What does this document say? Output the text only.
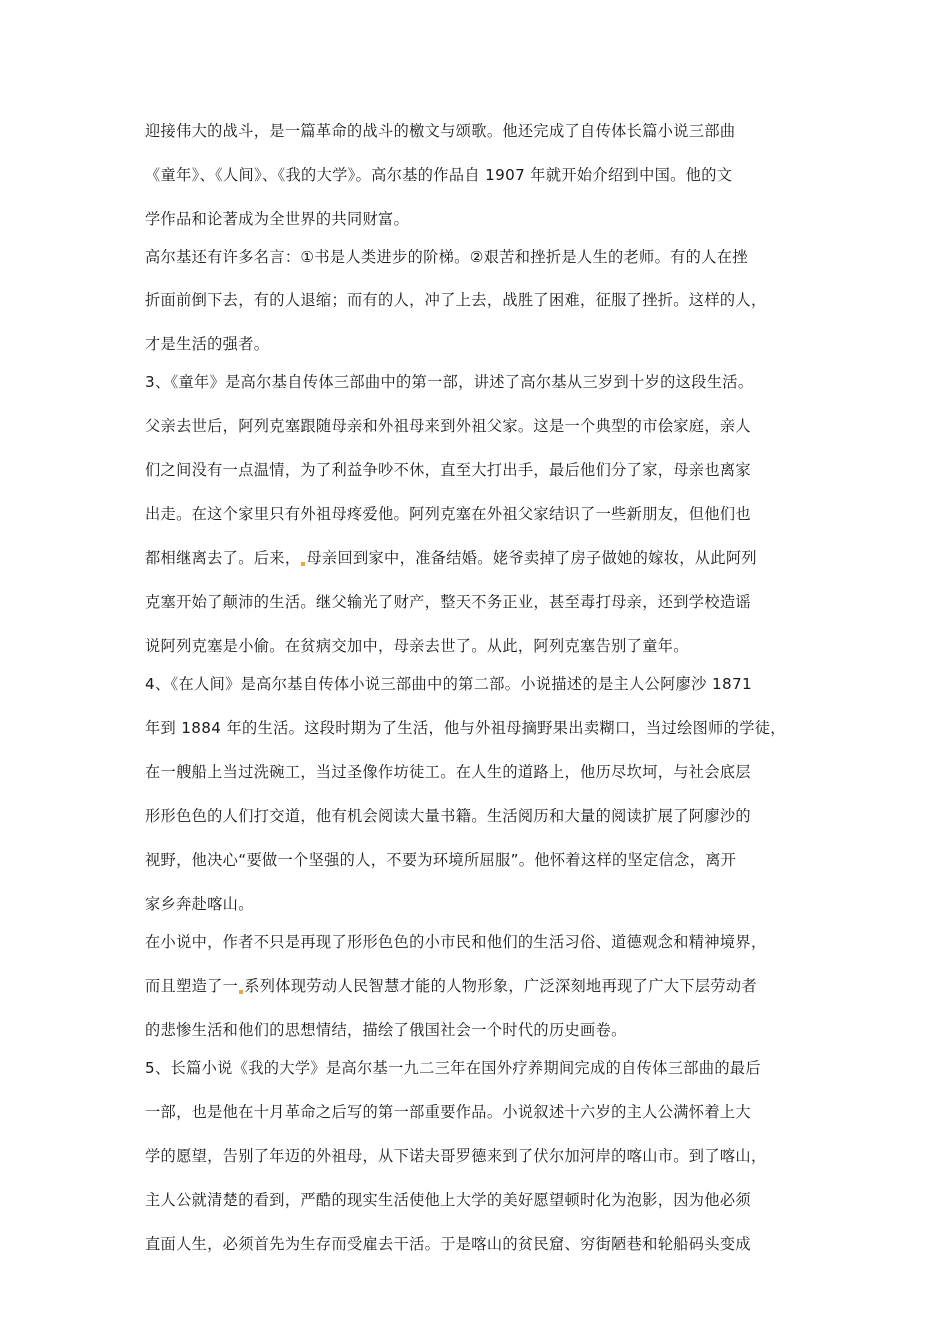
迎接伟大的战斗，是一篇革命的战斗的檄文与颂歌。他还完成了自传体长篇小说三部曲
《童年》、《人间》、《我的大学》。高尔基的作品自 1907 年就开始介绍到中国。他的文
学作品和论著成为全世界的共同财富。
高尔基还有许多名言：①书是人类进步的阶梯。②艰苦和挫折是人生的老师。有的人在挫
折面前倒下去，有的人退缩；而有的人，冲了上去，战胜了困难，征服了挫折。这样的人，
才是生活的强者。
3、《童年》是高尔基自传体三部曲中的第一部，讲述了高尔基从三岁到十岁的这段生活。
父亲去世后，阿列克塞跟随母亲和外祖母来到外祖父家。这是一个典型的市侩家庭，亲人
们之间没有一点温情，为了利益争吵不休，直至大打出手，最后他们分了家，母亲也离家
出走。在这个家里只有外祖母疼爱他。阿列克塞在外祖父家结识了一些新朋友，但他们也
都相继离去了。后来， 母亲回到家中，准备结婚。姥爷卖掉了房子做她的嫁妆，从此阿列
克塞开始了颠沛的生活。继父输光了财产，整天不务正业，甚至毒打母亲，还到学校造谣
说阿列克塞是小偷。在贫病交加中，母亲去世了。从此，阿列克塞告别了童年。
4、《在人间》是高尔基自传体小说三部曲中的第二部。小说描述的是主人公阿廖沙 1871
年到 1884 年的生活。这段时期为了生活，他与外祖母摘野果出卖糊口，当过绘图师的学徒，
在一艘船上当过洗碗工，当过圣像作坊徒工。在人生的道路上，他历尽坎坷，与社会底层
形形色色的人们打交道，他有机会阅读大量书籍。生活阅历和大量的阅读扩展了阿廖沙的
视野，他决心“要做一个坚强的人，不要为环境所屈服”。他怀着这样的坚定信念，离开
家乡奔赴喀山。
在小说中，作者不只是再现了形形色色的小市民和他们的生活习俗、道德观念和精神境界，
而且塑造了一 系列体现劳动人民智慧才能的人物形象，广泛深刻地再现了广大下层劳动者
的悲惨生活和他们的思想情结，描绘了俄国社会一个时代的历史画卷。
5、长篇小说《我的大学》是高尔基一九二三年在国外疗养期间完成的自传体三部曲的最后
一部，也是他在十月革命之后写的第一部重要作品。小说叙述十六岁的主人公满怀着上大
学的愿望，告别了年迈的外祖母，从下诺夫哥罗德来到了伏尔加河岸的喀山市。到了喀山，
主人公就清楚的看到，严酷的现实生活使他上大学的美好愿望顿时化为泡影，因为他必须
直面人生，必须首先为生存而受雇去干活。于是喀山的贫民窟、穷街陋巷和轮船码头变成
